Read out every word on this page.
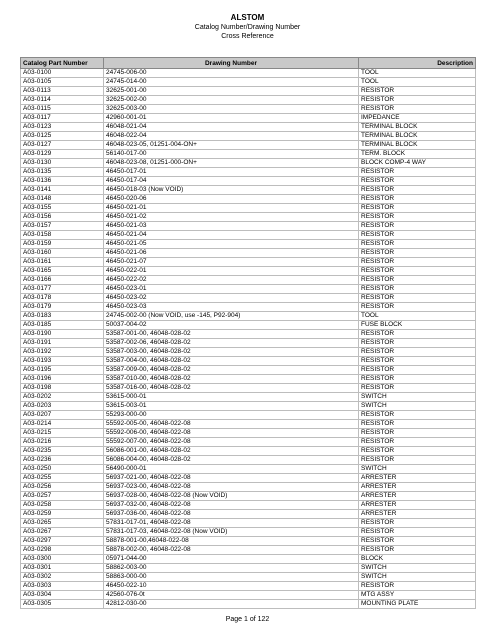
ALSTOM
Catalog Number/Drawing Number
Cross Reference
Catalog Part Number	Drawing Number	Description
A03-0100	24745-006-00	TOOL
A03-0105	24745-014-00	TOOL
A03-0113	32625-001-00	RESISTOR
A03-0114	32625-002-00	RESISTOR
A03-0115	32625-003-00	RESISTOR
A03-0117	42960-001-01	IMPEDANCE
A03-0123	46048-021-04	TERMINAL BLOCK
A03-0125	46048-022-04	TERMINAL BLOCK
A03-0127	46048-023-05, 01251-004-ON+	TERMINAL BLOCK
A03-0129	56140-017-00	TERM. BLOCK
A03-0130	46048-023-08, 01251-000-ON+	BLOCK COMP-4 WAY
A03-0135	46450-017-01	RESISTOR
A03-0136	46450-017-04	RESISTOR
A03-0141	46450-018-03 (Now VOID)	RESISTOR
A03-0148	46450-020-06	RESISTOR
A03-0155	46450-021-01	RESISTOR
A03-0156	46450-021-02	RESISTOR
A03-0157	46450-021-03	RESISTOR
A03-0158	46450-021-04	RESISTOR
A03-0159	46450-021-05	RESISTOR
A03-0160	46450-021-06	RESISTOR
A03-0161	46450-021-07	RESISTOR
A03-0165	46450-022-01	RESISTOR
A03-0166	46450-022-02	RESISTOR
A03-0177	46450-023-01	RESISTOR
A03-0178	46450-023-02	RESISTOR
A03-0179	46450-023-03	RESISTOR
A03-0183	24745-002-00 (Now VOID, use -145, P92-904)	TOOL
A03-0185	50037-004-02	FUSE BLOCK
A03-0190	53587-001-00, 46048-028-02	RESISTOR
A03-0191	53587-002-06, 46048-028-02	RESISTOR
A03-0192	53587-003-00, 46048-028-02	RESISTOR
A03-0193	53587-004-00, 46048-028-02	RESISTOR
A03-0195	53587-009-00, 46048-028-02	RESISTOR
A03-0196	53587-010-00, 46048-028-02	RESISTOR
A03-0198	53587-016-00, 46048-028-02	RESISTOR
A03-0202	53615-000-01	SWITCH
A03-0203	53615-003-01	SWITCH
A03-0207	55293-000-00	RESISTOR
A03-0214	55592-005-00, 46048-022-08	RESISTOR
A03-0215	55592-006-00, 46048-022-08	RESISTOR
A03-0216	55592-007-00, 46048-022-08	RESISTOR
A03-0235	56086-001-00, 46048-028-02	RESISTOR
A03-0236	56086-004-00, 46048-028-02	RESISTOR
A03-0250	56490-000-01	SWITCH
A03-0255	56937-021-00, 46048-022-08	ARRESTER
A03-0256	56937-023-00, 46048-022-08	ARRESTER
A03-0257	56937-028-00, 46048-022-08 (Now VOID)	ARRESTER
A03-0258	56937-032-00, 46048-022-08	ARRESTER
A03-0259	56937-036-00, 46048-022-08	ARRESTER
A03-0265	57831-017-01, 46048-022-08	RESISTOR
A03-0267	57831-017-03, 46048-022-08 (Now VOID)	RESISTOR
A03-0297	58878-001-00,46048-022-08	RESISTOR
A03-0298	58878-002-00, 46048-022-08	RESISTOR
A03-0300	05971-044-00	BLOCK
A03-0301	58862-003-00	SWITCH
A03-0302	58863-000-00	SWITCH
A03-0303	46450-022-10	RESISTOR
A03-0304	42560-076-0t	MTG ASSY
A03-0305	42812-030-00	MOUNTING PLATE
Page 1 of 122
